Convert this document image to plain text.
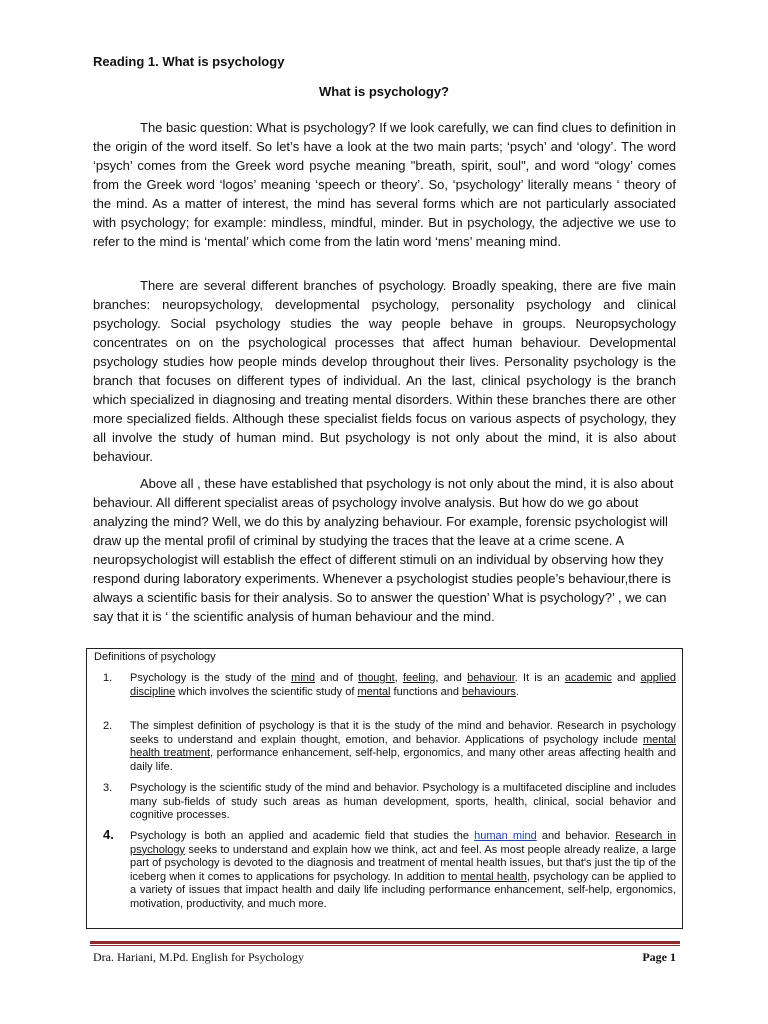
Reading 1. What is psychology

What is psychology?

The basic question: What is psychology? If we look carefully, we can find clues to definition in the origin of the word itself. So let’s have a look at the two main parts; ‘psych’ and ‘ology’. The word ‘psych’ comes from the Greek word psyche meaning "breath, spirit, soul", and word “ology’ comes from the Greek word ‘logos’ meaning ‘speech or theory’. So, ‘psychology’ literally means ‘ theory of the mind. As a matter of interest, the mind has several forms which are not particularly associated with psychology; for example: mindless, mindful, minder. But in psychology, the adjective we use to refer to the mind is ‘mental’ which come from the latin word ‘mens’ meaning mind.

There are several different branches of psychology. Broadly speaking, there are five main branches: neuropsychology, developmental psychology, personality psychology and clinical psychology. Social psychology studies the way people behave in groups. Neuropsychology concentrates on on the psychological processes that affect human behaviour. Developmental psychology studies how people minds develop throughout their lives. Personality psychology is the branch that focuses on different types of individual. An the last, clinical psychology is the branch which specialized in diagnosing and treating mental disorders. Within these branches there are other more specialized fields. Although these specialist fields focus on various aspects of psychology, they all involve the study of human mind. But psychology is not only about the mind, it is also about behaviour.

Above all , these have established that psychology is not only about the mind, it is also about behaviour. All different specialist areas of psychology involve analysis. But how do we go about analyzing the mind? Well, we do this by analyzing behaviour. For example, forensic psychologist will draw up the mental profil of criminal by studying the traces that the leave at a crime scene. A neuropsychologist will establish the effect of different stimuli on an individual by observing how they respond during laboratory experiments. Whenever a psychologist studies people’s behaviour,there is always a scientific basis for their analysis. So to answer the question’ What is psychology?’ , we can say that it is ‘ the scientific analysis of human behaviour and the mind.

Definitions of psychology

1.	Psychology is the study of the mind and of thought, feeling, and behaviour. It is an academic and applied discipline which involves the scientific study of mental functions and behaviours.

2.	The simplest definition of psychology is that it is the study of the mind and behavior. Research in psychology seeks to understand and explain thought, emotion, and behavior. Applications of psychology include mental health treatment, performance enhancement, self-help, ergonomics, and many other areas affecting health and daily life.

3.	Psychology is the scientific study of the mind and behavior. Psychology is a multifaceted discipline and includes many sub-fields of study such areas as human development, sports, health, clinical, social behavior and cognitive processes.

4.	Psychology is both an applied and academic field that studies the human mind and behavior. Research in psychology seeks to understand and explain how we think, act and feel. As most people already realize, a large part of psychology is devoted to the diagnosis and treatment of mental health issues, but that's just the tip of the iceberg when it comes to applications for psychology. In addition to mental health, psychology can be applied to a variety of issues that impact health and daily life including performance enhancement, self-help, ergonomics, motivation, productivity, and much more.

Dra. Hariani, M.Pd. English for Psychology	Page 1
